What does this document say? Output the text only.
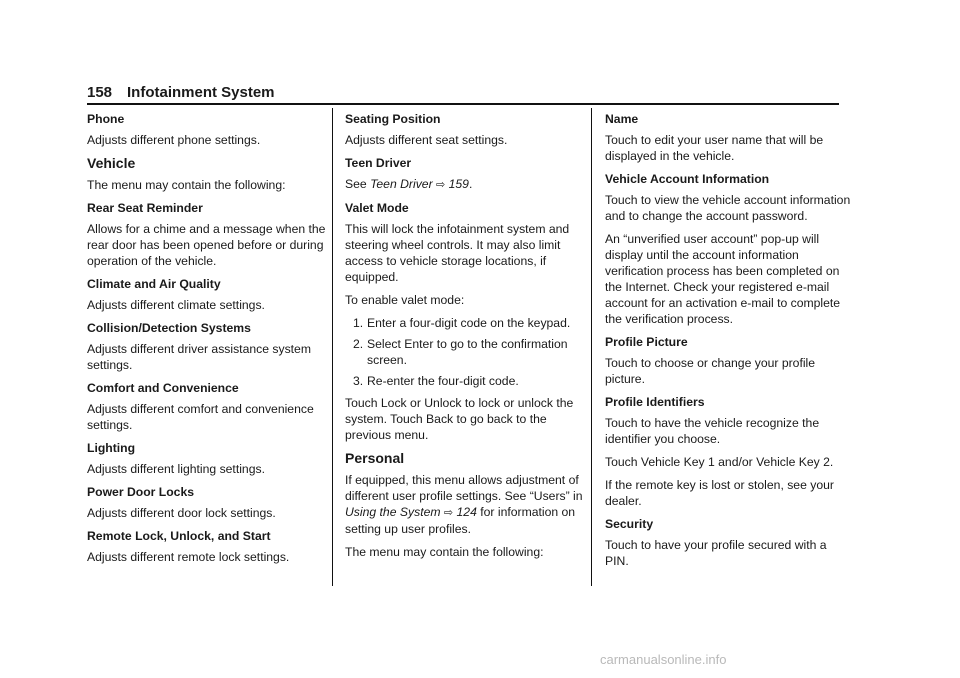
158 Infotainment System
Phone
Adjusts different phone settings.
Vehicle
The menu may contain the following:
Rear Seat Reminder
Allows for a chime and a message when the rear door has been opened before or during operation of the vehicle.
Climate and Air Quality
Adjusts different climate settings.
Collision/Detection Systems
Adjusts different driver assistance system settings.
Comfort and Convenience
Adjusts different comfort and convenience settings.
Lighting
Adjusts different lighting settings.
Power Door Locks
Adjusts different door lock settings.
Remote Lock, Unlock, and Start
Adjusts different remote lock settings.
Seating Position
Adjusts different seat settings.
Teen Driver
See Teen Driver ⇨ 159.
Valet Mode
This will lock the infotainment system and steering wheel controls. It may also limit access to vehicle storage locations, if equipped.
To enable valet mode:
1. Enter a four-digit code on the keypad.
2. Select Enter to go to the confirmation screen.
3. Re-enter the four-digit code.
Touch Lock or Unlock to lock or unlock the system. Touch Back to go back to the previous menu.
Personal
If equipped, this menu allows adjustment of different user profile settings. See “Users” in Using the System ⇨ 124 for information on setting up user profiles.
The menu may contain the following:
Name
Touch to edit your user name that will be displayed in the vehicle.
Vehicle Account Information
Touch to view the vehicle account information and to change the account password.
An “unverified user account” pop-up will display until the account information verification process has been completed on the Internet. Check your registered e-mail account for an activation e-mail to complete the verification process.
Profile Picture
Touch to choose or change your profile picture.
Profile Identifiers
Touch to have the vehicle recognize the identifier you choose.
Touch Vehicle Key 1 and/or Vehicle Key 2.
If the remote key is lost or stolen, see your dealer.
Security
Touch to have your profile secured with a PIN.
carmanualsonline.info
